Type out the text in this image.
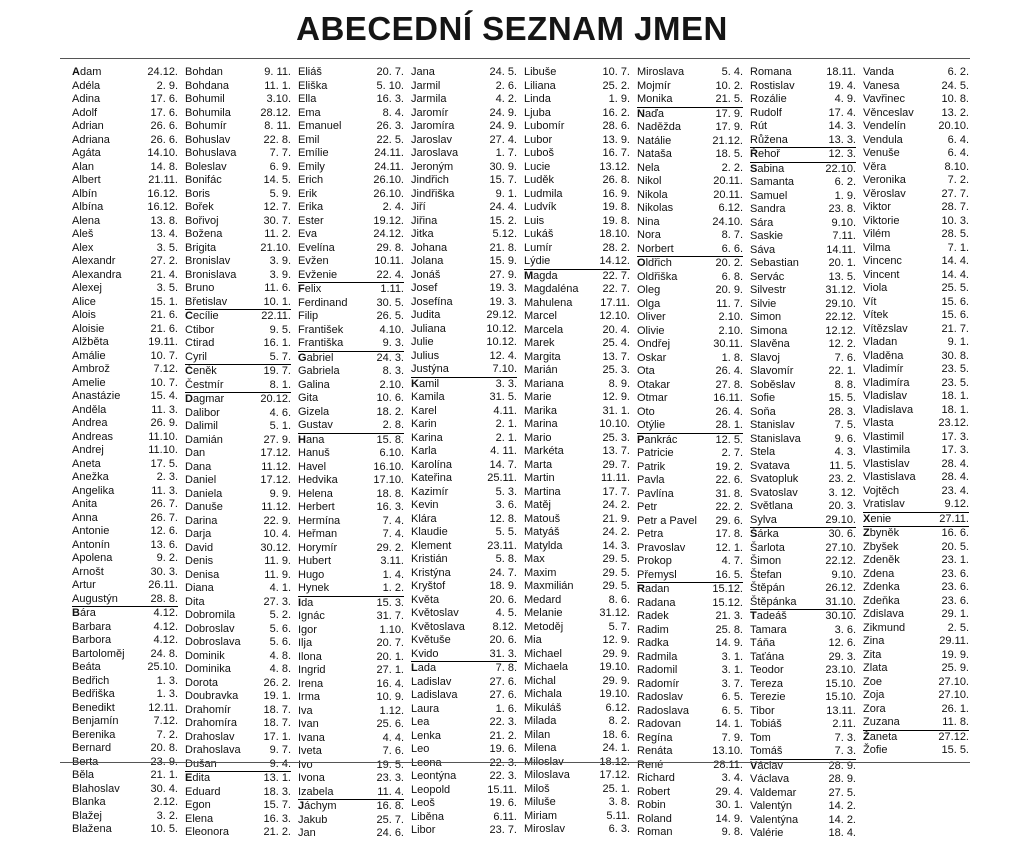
ABECEDNÍ SEZNAM JMEN
Adam	24.12.
Adéla	2. 9.
Adina	17. 6.
Adolf	17. 6.
Adrian	26. 6.
Adriana	26. 6.
Agáta	14.10.
Alan	14. 8.
Albert	21.11.
Albín	16.12.
Albína	16.12.
Alena	13. 8.
Aleš	13. 4.
Alex	3. 5.
Alexandr	27. 2.
Alexandra	21. 4.
Alexej	3. 5.
Alice	15. 1.
Alois	21. 6.
Aloisie	21. 6.
Alžběta	19.11.
Amálie	10. 7.
Ambrož	7.12.
Amelie	10. 7.
Anastázie	15. 4.
Anděla	11. 3.
Andrea	26. 9.
Andreas	11.10.
Andrej	11.10.
Aneta	17. 5.
Anežka	2. 3.
Angelika	11. 3.
Anita	26. 7.
Anna	26. 7.
Antonie	12. 6.
Antonín	13. 6.
Apolena	9. 2.
Arnošt	30. 3.
Artur	26.11.
Augustýn	28. 8.
Bára	4.12.
Barbara	4.12.
Barbora	4.12.
Bartoloměj 24. 8.
Beáta	25.10.
Bedřich	1. 3.
Bedřiška	1. 3.
Benedikt	12.11.
Benjamín	7.12.
Berenika	7. 2.
Bernard	20. 8.
Berta	23. 9.
Běla	21. 1.
Blahoslav	30. 4.
Blanka	2.12.
Blažej	3. 2.
Blažena	10. 5.
Bohdan	9. 11.
Bohdana	11. 1.
Bohumil	3.10.
Bohumila	28.12.
Bohumír	8. 11.
Bohuslav	22. 8.
Bohuslava	7. 7.
Boleslav	6. 9.
Bonifác	14. 5.
Boris	5. 9.
Bořek	12. 7.
Bořivoj	30. 7.
Božena	11. 2.
Brigita	21.10.
Bronislav	3. 9.
Bronislava	3. 9.
Bruno	11. 6.
Břetislav	10. 1.
Cecílie	22.11.
Ctibor	9. 5.
Ctirad	16. 1.
Cyril	5. 7.
Čeněk	19. 7.
Čestmír	8. 1.
Dagmar	20.12.
Dalibor	4. 6.
Dalimil	5. 1.
Damián	27. 9.
Dan	17.12.
Dana	11.12.
Daniel	17.12.
Daniela	9. 9.
Danuše	11.12.
Darina	22. 9.
Darja	10. 4.
David	30.12.
Denis	11. 9.
Denisa	11. 9.
Diana	4. 1.
Dita	27. 3.
Dobromila	5. 2.
Dobroslav	5. 6.
Dobroslava	5. 6.
Dominik	4. 8.
Dominika	4. 8.
Dorota	26. 2.
Doubravka 19. 1.
Drahomír	18. 7.
Drahomíra 18. 7.
Drahoslav	17. 1.
Drahoslava	9. 7.
Dušan	9. 4.
Edita	13. 1.
Eduard	18. 3.
Egon	15. 7.
Elena	16. 3.
Eleonora	21. 2.
Eliáš	20. 7.
Eliška	5. 10.
Ella	16. 3.
Ema	8. 4.
Emanuel	26. 3.
Emil	22. 5.
Emílie	24.11.
Emily	24.11.
Erich	26.10.
Erik	26.10.
Erika	2. 4.
Ester	19.12.
Eva	24.12.
Evelína	29. 8.
Evžen	10.11.
Evženie	22. 4.
Felix	1.11.
Ferdinand	30. 5.
Filip	26. 5.
František	4.10.
Františka	9. 3.
Gabriel	24. 3.
Gabriela	8. 3.
Galina	2.10.
Gita	10. 6.
Gizela	18. 2.
Gustav	2. 8.
Hana	15. 8.
Hanuš	6.10.
Havel	16.10.
Hedvika	17.10.
Helena	18. 8.
Herbert	16. 3.
Hermína	7. 4.
Heřman	7. 4.
Horymír	29. 2.
Hubert	3.11.
Hugo	1. 4.
Hynek	1. 2.
Ida	15. 3.
Ignác	31. 7.
Igor	1.10.
Ilja	20. 7.
Ilona	20. 1.
Ingrid	27. 1.
Irena	16. 4.
Irma	10. 9.
Iva	1.12.
Ivan	25. 6.
Ivana	4. 4.
Iveta	7. 6.
Ivo	19. 5.
Ivona	23. 3.
Izabela	11. 4.
Jáchym	16. 8.
Jakub	25. 7.
Jan	24. 6.
Jana	24. 5.
Jarmil	2. 6.
Jarmila	4. 2.
Jaromír	24. 9.
Jaromíra	24. 9.
Jaroslav	27. 4.
Jaroslava	1. 7.
Jeroným	30. 9.
Jindřich	15. 7.
Jindřiška	9. 1.
Jiří	24. 4.
Jiřina	15. 2.
Jitka	5.12.
Johana	21. 8.
Jolana	15. 9.
Jonáš	27. 9.
Josef	19. 3.
Josefína	19. 3.
Judita	29.12.
Juliana	10.12.
Julie	10.12.
Julius	12. 4.
Justýna	7.10.
Kamil	3. 3.
Kamila	31. 5.
Karel	4.11.
Karin	2. 1.
Karina	2. 1.
Karla	4. 11.
Karolína	14. 7.
Kateřina	25.11.
Kazimír	5. 3.
Kevin	3. 6.
Klára	12. 8.
Klaudie	5. 5.
Klement	23.11.
Kristián	5. 8.
Kristýna	24. 7.
Kryštof	18. 9.
Květa	20. 6.
Květoslav	4. 5.
Květoslava	8.12.
Květuše	20. 6.
Kvido	31. 3.
Lada	7. 8.
Ladislav	27. 6.
Ladislava	27. 6.
Laura	1. 6.
Lea	22. 3.
Lenka	21. 2.
Leo	19. 6.
Leona	22. 3.
Leontýna	22. 3.
Leopold	15.11.
Leoš	19. 6.
Liběna	6.11.
Libor	23. 7.
Libuše	10. 7.
Liliana	25. 2.
Linda	1. 9.
Ljuba	16. 2.
Lubomír	28. 6.
Lubor	13. 9.
Luboš	16. 7.
Lucie	13.12.
Luděk	26. 8.
Ludmila	16. 9.
Ludvík	19. 8.
Luis	19. 8.
Lukáš	18.10.
Lumír	28. 2.
Lýdie	14.12.
Magda	22. 7.
Magdaléna 22. 7.
Mahulena	17.11.
Marcel	12.10.
Marcela	20. 4.
Marek	25. 4.
Margita	13. 7.
Marián	25. 3.
Mariana	8. 9.
Marie	12. 9.
Marika	31. 1.
Marina	10.10.
Mario	25. 3.
Markéta	13. 7.
Marta	29. 7.
Martin	11.11.
Martina	17. 7.
Matěj	24. 2.
Matouš	21. 9.
Matyáš	24. 2.
Matylda	14. 3.
Max	29. 5.
Maxim	29. 5.
Maxmilián	29. 5.
Medard	8. 6.
Melanie	31.12.
Metoděj	5. 7.
Mia	12. 9.
Michael	29. 9.
Michaela	19.10.
Michal	29. 9.
Michala	19.10.
Mikuláš	6.12.
Milada	8. 2.
Milan	18. 6.
Milena	24. 1.
Miloslav	18.12.
Miloslava	17.12.
Miloš	25. 1.
Miluše	3. 8.
Miriam	5.11.
Miroslav	6. 3.
Miroslava	5. 4.
Mojmír	10. 2.
Monika	21. 5.
Naďa	17. 9.
Naděžda	17. 9.
Natálie	21.12.
Nataša	18. 5.
Nela	2. 2.
Nikol	20.11.
Nikola	20.11.
Nikolas	6.12.
Nina	24.10.
Nora	8. 7.
Norbert	6. 6.
Oldřich	20. 2.
Oldřiška	6. 8.
Oleg	20. 9.
Olga	11. 7.
Oliver	2.10.
Olivie	2.10.
Ondřej	30.11.
Oskar	1. 8.
Ota	26. 4.
Otakar	27. 8.
Otmar	16.11.
Oto	26. 4.
Otýlie	28. 1.
Pankrác	12. 5.
Patricie	2. 7.
Patrik	19. 2.
Pavla	22. 6.
Pavlína	31. 8.
Petr	22. 2.
Petr a Pavel 29. 6.
Petra	17. 8.
Pravoslav	12. 1.
Prokop	4. 7.
Přemysl	16. 5.
Radan	15.12.
Radana	15.12.
Radek	21. 3.
Radim	25. 8.
Radka	14. 9.
Radmila	3. 1.
Radomil	3. 1.
Radomír	3. 7.
Radoslav	6. 5.
Radoslava	6. 5.
Radovan	14. 1.
Regína	7. 9.
Renáta	13.10.
René	28.11.
Richard	3. 4.
Robert	29. 4.
Robin	30. 1.
Roland	14. 9.
Roman	9. 8.
Romana	18.11.
Rostislav	19. 4.
Rozálie	4. 9.
Rudolf	17. 4.
Rút	14. 3.
Růžena	13. 3.
Řehoř	12. 3.
Sabina	22.10.
Samanta	6. 2.
Samuel	1. 9.
Sandra	23. 8.
Sára	9.10.
Saskie	7.11.
Sáva	14.11.
Sebastian	20. 1.
Servác	13. 5.
Silvestr	31.12.
Silvie	29.10.
Simon	22.12.
Simona	12.12.
Slavěna	12. 2.
Slavoj	7. 6.
Slavomír	22. 1.
Soběslav	8. 8.
Sofie	15. 5.
Soňa	28. 3.
Stanislav	7. 5.
Stanislava	9. 6.
Stela	4. 3.
Svatava	11. 5.
Svatopluk	23. 2.
Svatoslav	3. 12.
Světlana	20. 3.
Sylva	29.10.
Šárka	30. 6.
Šarlota	27.10.
Šimon	22.12.
Štefan	9.10.
Štěpán	26.12.
Štěpánka	31.10.
Tadeáš	30.10.
Tamara	3. 6.
Táňa	12. 6.
Taťána	29. 3.
Teodor	23.10.
Tereza	15.10.
Terezie	15.10.
Tibor	13.11.
Tobiáš	2.11.
Tom	7. 3.
Tomáš	7. 3.
Václav	28. 9.
Václava	28. 9.
Valdemar	27. 5.
Valentýn	14. 2.
Valentýna	14. 2.
Valérie	18. 4.
Vanda	6. 2.
Vanesa	24. 5.
Vavřinec	10. 8.
Věnceslav	13. 2.
Vendelín	20.10.
Vendula	6. 4.
Venuše	6. 4.
Věra	8.10.
Veronika	7. 2.
Věroslav	27. 7.
Viktor	28. 7.
Viktorie	10. 3.
Vilém	28. 5.
Vilma	7. 1.
Vincenc	14. 4.
Vincent	14. 4.
Viola	25. 5.
Vít	15. 6.
Vítek	15. 6.
Vítězslav	21. 7.
Vladan	9. 1.
Vladěna	30. 8.
Vladimír	23. 5.
Vladimíra	23. 5.
Vladislav	18. 1.
Vladislava	18. 1.
Vlasta	23.12.
Vlastimil	17. 3.
Vlastimila	17. 3.
Vlastislav	28. 4.
Vlastislava 28. 4.
Vojtěch	23. 4.
Vratislav	9.12.
Xenie	27.11.
Zbyněk	16. 6.
Zbyšek	20. 5.
Zdeněk	23. 1.
Zdena	23. 6.
Zdenka	23. 6.
Zdeňka	23. 6.
Zdislava	29. 1.
Zikmund	2. 5.
Zina	29.11.
Zita	19. 9.
Zlata	25. 9.
Zoe	27.10.
Zoja	27.10.
Zora	26. 1.
Zuzana	11. 8.
Žaneta	27.12.
Žofie	15. 5.
